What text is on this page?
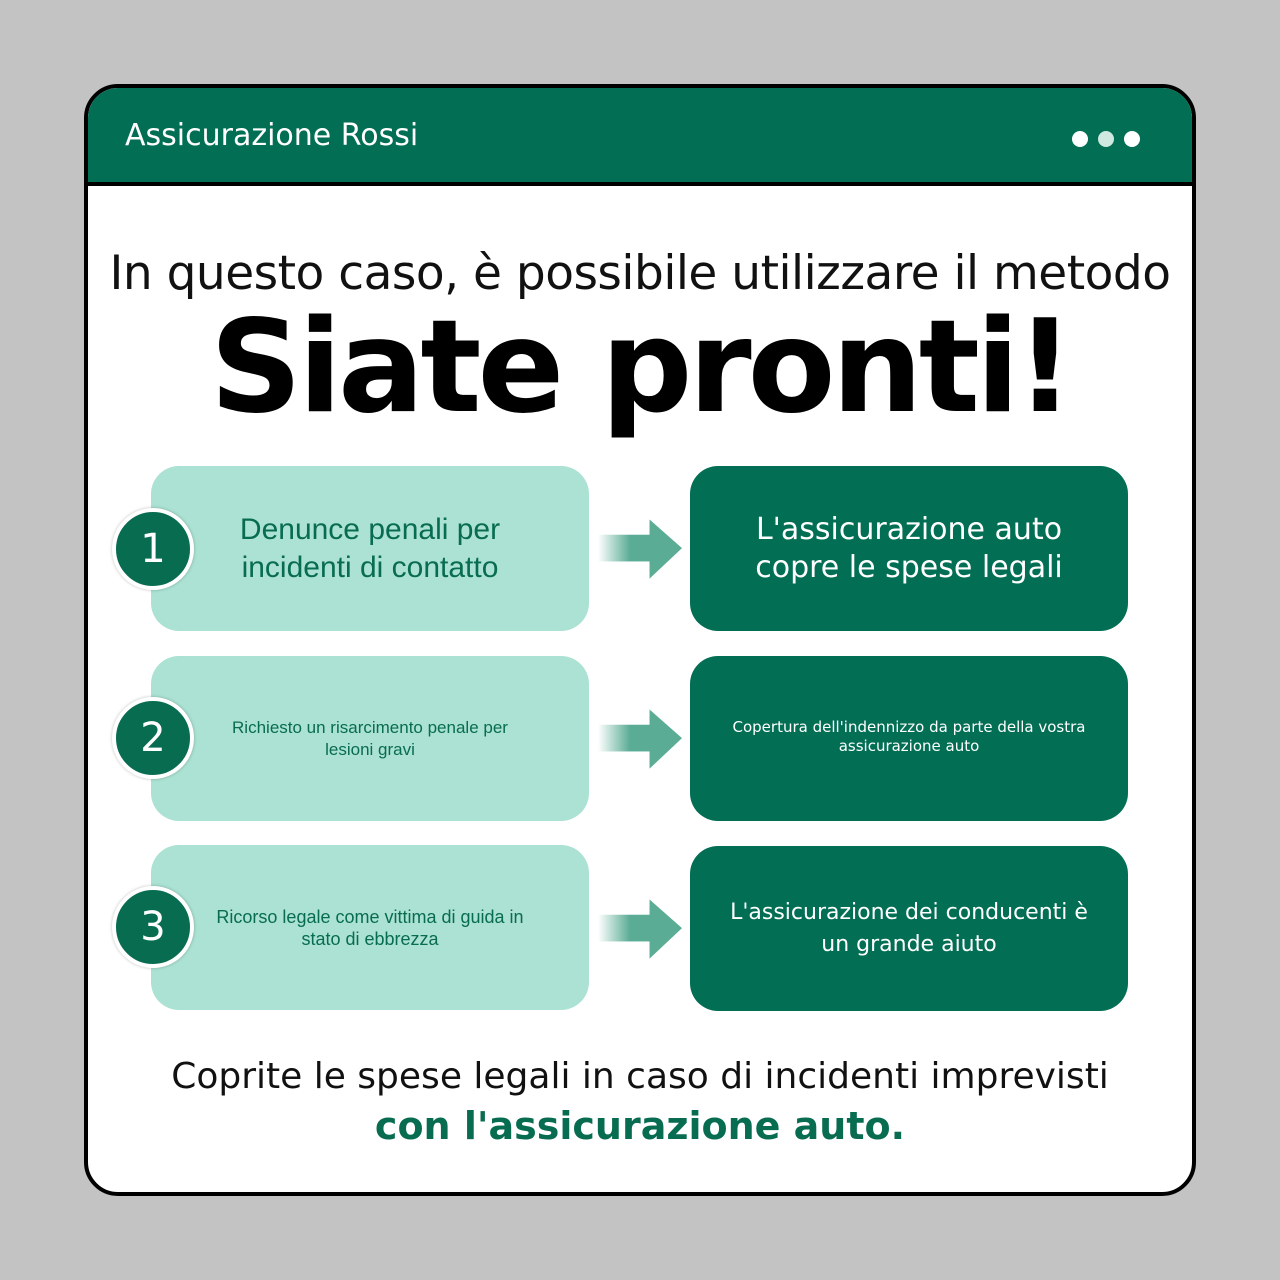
Assicurazione Rossi
In questo caso, è possibile utilizzare il metodo
Siate pronti!
Denunce penali per incidenti di contatto
1	L'assicurazione auto copre le spese legali
Richiesto un risarcimento penale per lesioni gravi
2	Copertura dell'indennizzo da parte della vostra assicurazione auto
Ricorso legale come vittima di guida in stato di ebbrezza
3	L'assicurazione dei conducenti è un grande aiuto
Coprite le spese legali in caso di incidenti imprevisti
con l'assicurazione auto.
